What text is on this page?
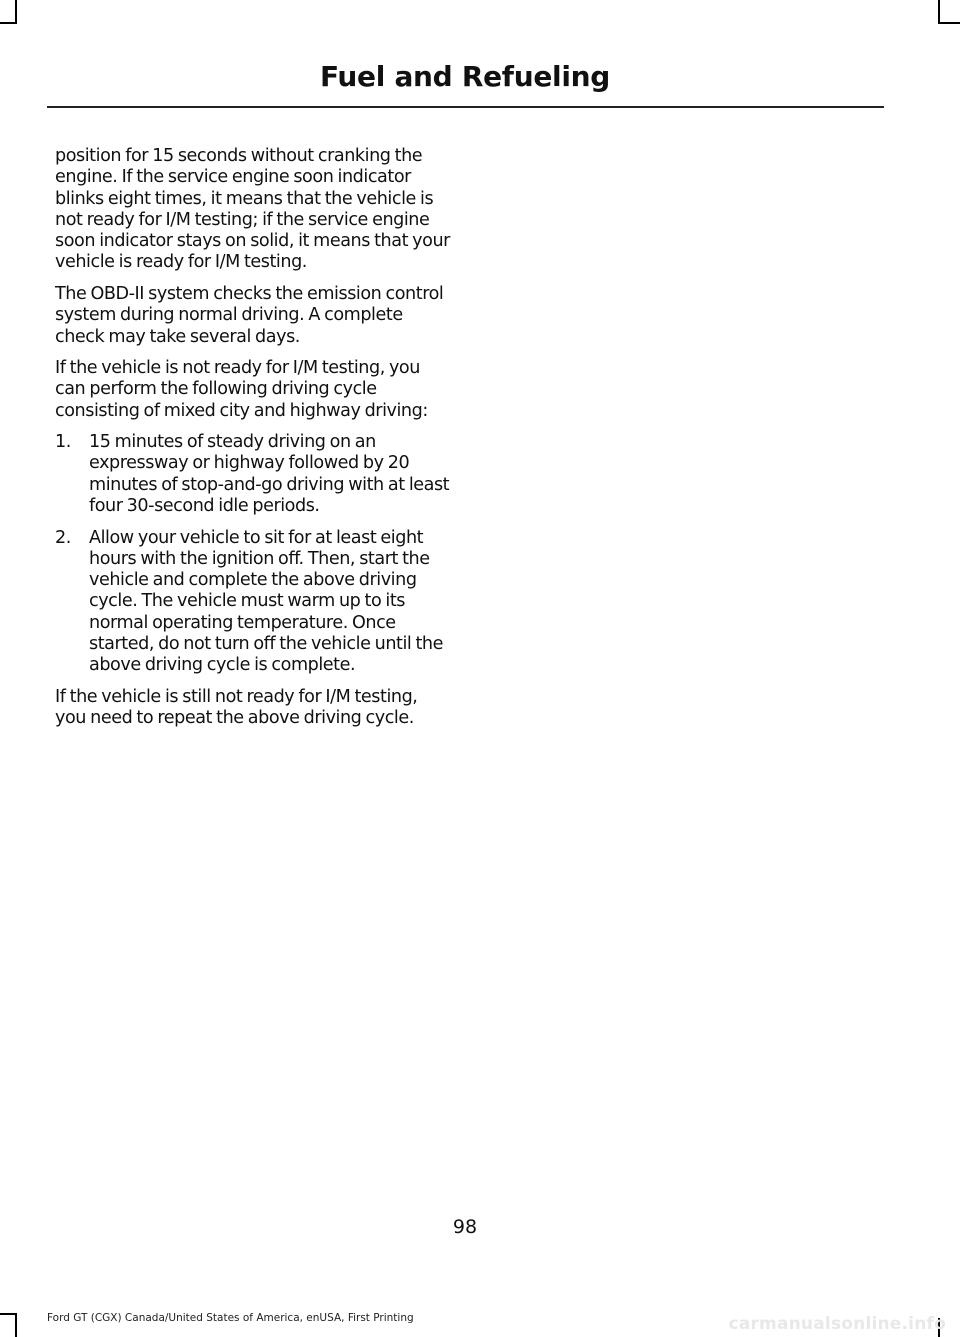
Fuel and Refueling

position for 15 seconds without cranking the engine. If the service engine soon indicator blinks eight times, it means that the vehicle is not ready for I/M testing; if the service engine soon indicator stays on solid, it means that your vehicle is ready for I/M testing.

The OBD-II system checks the emission control system during normal driving. A complete check may take several days.

If the vehicle is not ready for I/M testing, you can perform the following driving cycle consisting of mixed city and highway driving:

1. 15 minutes of steady driving on an expressway or highway followed by 20 minutes of stop-and-go driving with at least four 30-second idle periods.
2. Allow your vehicle to sit for at least eight hours with the ignition off. Then, start the vehicle and complete the above driving cycle. The vehicle must warm up to its normal operating temperature. Once started, do not turn off the vehicle until the above driving cycle is complete.

If the vehicle is still not ready for I/M testing, you need to repeat the above driving cycle.

98
Ford GT (CGX) Canada/United States of America, enUSA, First Printing	carmanualsonline.info
